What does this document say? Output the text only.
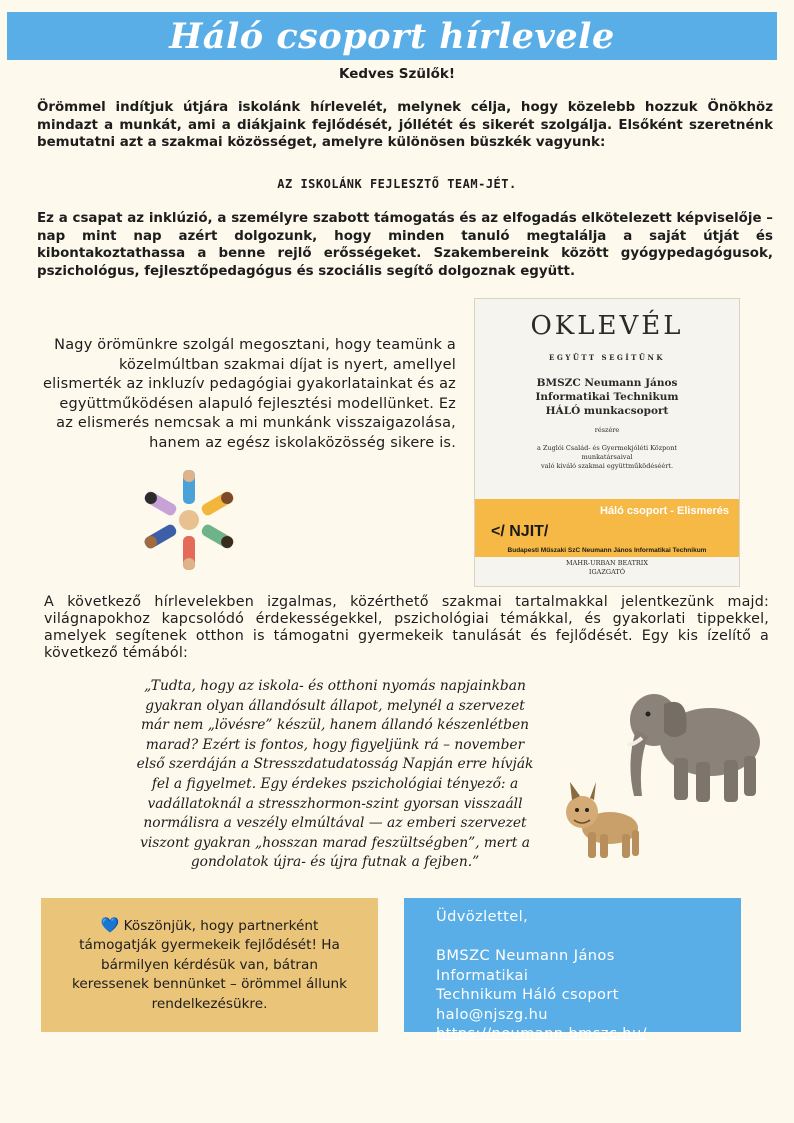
Háló csoport hírlevele
Kedves Szülők!

Örömmel indítjuk útjára iskolánk hírlevelét, melynek célja, hogy közelebb hozzuk Önökhöz mindazt a munkát, ami a diákjaink fejlődését, jóllétét és sikerét szolgálja. Elsőként szeretnénk bemutatni azt a szakmai közösséget, amelyre különösen büszkék vagyunk:

AZ ISKOLÁNK FEJLESZTŐ TEAM-JÉT.

Ez a csapat az inklúzió, a személyre szabott támogatás és az elfogadás elkötelezett képviselője – nap mint nap azért dolgozunk, hogy minden tanuló megtalálja a saját útját és kibontakoztathassa a benne rejlő erősségeket. Szakembereink között gyógypedagógusok, pszichológus, fejlesztőpedagógus és szociális segítő dolgoznak együtt.

Nagy örömünkre szolgál megosztani, hogy teamünk a közelmúltban szakmai díjat is nyert, amellyel elismerték az inkluzív pedagógiai gyakorlatainkat és az együttműködésen alapuló fejlesztési modellünket. Ez az elismerés nemcsak a mi munkánk visszaigazolása, hanem az egész iskolaközösség sikere is.

OKLEVÉL
EGYÜTT SEGÍTÜNK
BMSZC Neumann János
Informatikai Technikum
HÁLÓ munkacsoport
részére
a Zuglói Család- és Gyermekjóléti Központ
munkatársaival
való kiváló szakmai együttműködéséért.
Háló csoport - Elismerés
</ NJIT/
Budapesti Műszaki SzC Neumann János Informatikai Technikum
MAHR-URBAN BEATRIX
IGAZGATÓ

A következő hírlevelekben izgalmas, közérthető szakmai tartalmakkal jelentkezünk majd: világnapokhoz kapcsolódó érdekességekkel, pszichológiai témákkal, és gyakorlati tippekkel, amelyek segítenek otthon is támogatni gyermekeik tanulását és fejlődését. Egy kis ízelítő a következő témából:

„Tudta, hogy az iskola- és otthoni nyomás napjainkban gyakran olyan állandósult állapot, melynél a szervezet már nem „lövésre” készül, hanem állandó készenlétben marad? Ezért is fontos, hogy figyeljünk rá – november első szerdáján a Stresszdatudatosság Napján erre hívják fel a figyelmet. Egy érdekes pszichológiai tényező: a vadállatoknál a stresszhormon-szint gyorsan visszaáll normálisra a veszély elmúltával — az emberi szervezet viszont gyakran „hosszan marad feszültségben”, mert a gondolatok újra- és újra futnak a fejben.”

💙 Köszönjük, hogy partnerként támogatják gyermekeik fejlődését! Ha bármilyen kérdésük van, bátran keressenek bennünket – örömmel állunk rendelkezésükre.
Üdvözlettel,
BMSZC Neumann János Informatikai
Technikum Háló csoport
halo@njszg.hu
https://neumann.bmszc.hu/
